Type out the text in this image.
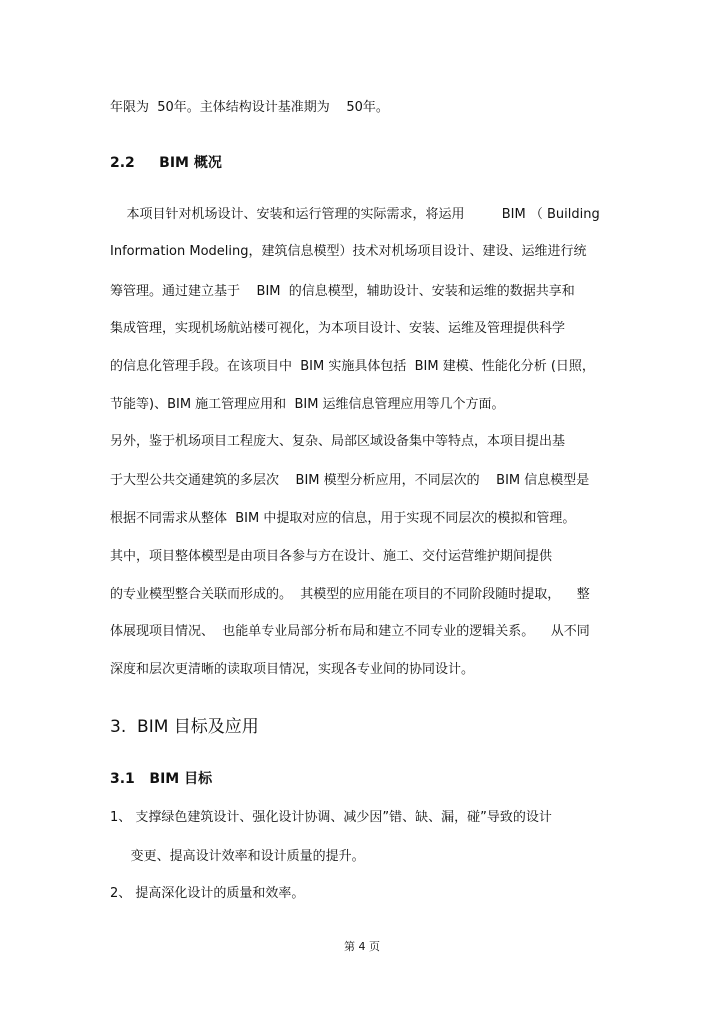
年限为  50年。主体结构设计基准期为    50年。

2.2     BIM 概况

本项目针对机场设计、安装和运行管理的实际需求，将运用         BIM （ Building

Information Modeling，建筑信息模型）技术对机场项目设计、建设、运维进行统

筹管理。通过建立基于    BIM  的信息模型，辅助设计、安装和运维的数据共享和

集成管理，实现机场航站楼可视化，为本项目设计、安装、运维及管理提供科学

的信息化管理手段。在该项目中  BIM 实施具体包括  BIM 建模、性能化分析 (日照，

节能等)、BIM 施工管理应用和  BIM 运维信息管理应用等几个方面。

另外，鉴于机场项目工程庞大、复杂、局部区域设备集中等特点，本项目提出基

于大型公共交通建筑的多层次    BIM 模型分析应用，不同层次的    BIM 信息模型是

根据不同需求从整体  BIM 中提取对应的信息，用于实现不同层次的模拟和管理。

其中，项目整体模型是由项目各参与方在设计、施工、交付运营维护期间提供

的专业模型整合关联而形成的。  其模型的应用能在项目的不同阶段随时提取，    整

体展现项目情况、  也能单专业局部分析布局和建立不同专业的逻辑关系。    从不同

深度和层次更清晰的读取项目情况，实现各专业间的协同设计。

3.  BIM 目标及应用

3.1   BIM 目标

1、 支撑绿色建筑设计、强化设计协调、减少因”错、缺、漏，碰”导致的设计

变更、提高设计效率和设计质量的提升。

2、 提高深化设计的质量和效率。

第 4 页
